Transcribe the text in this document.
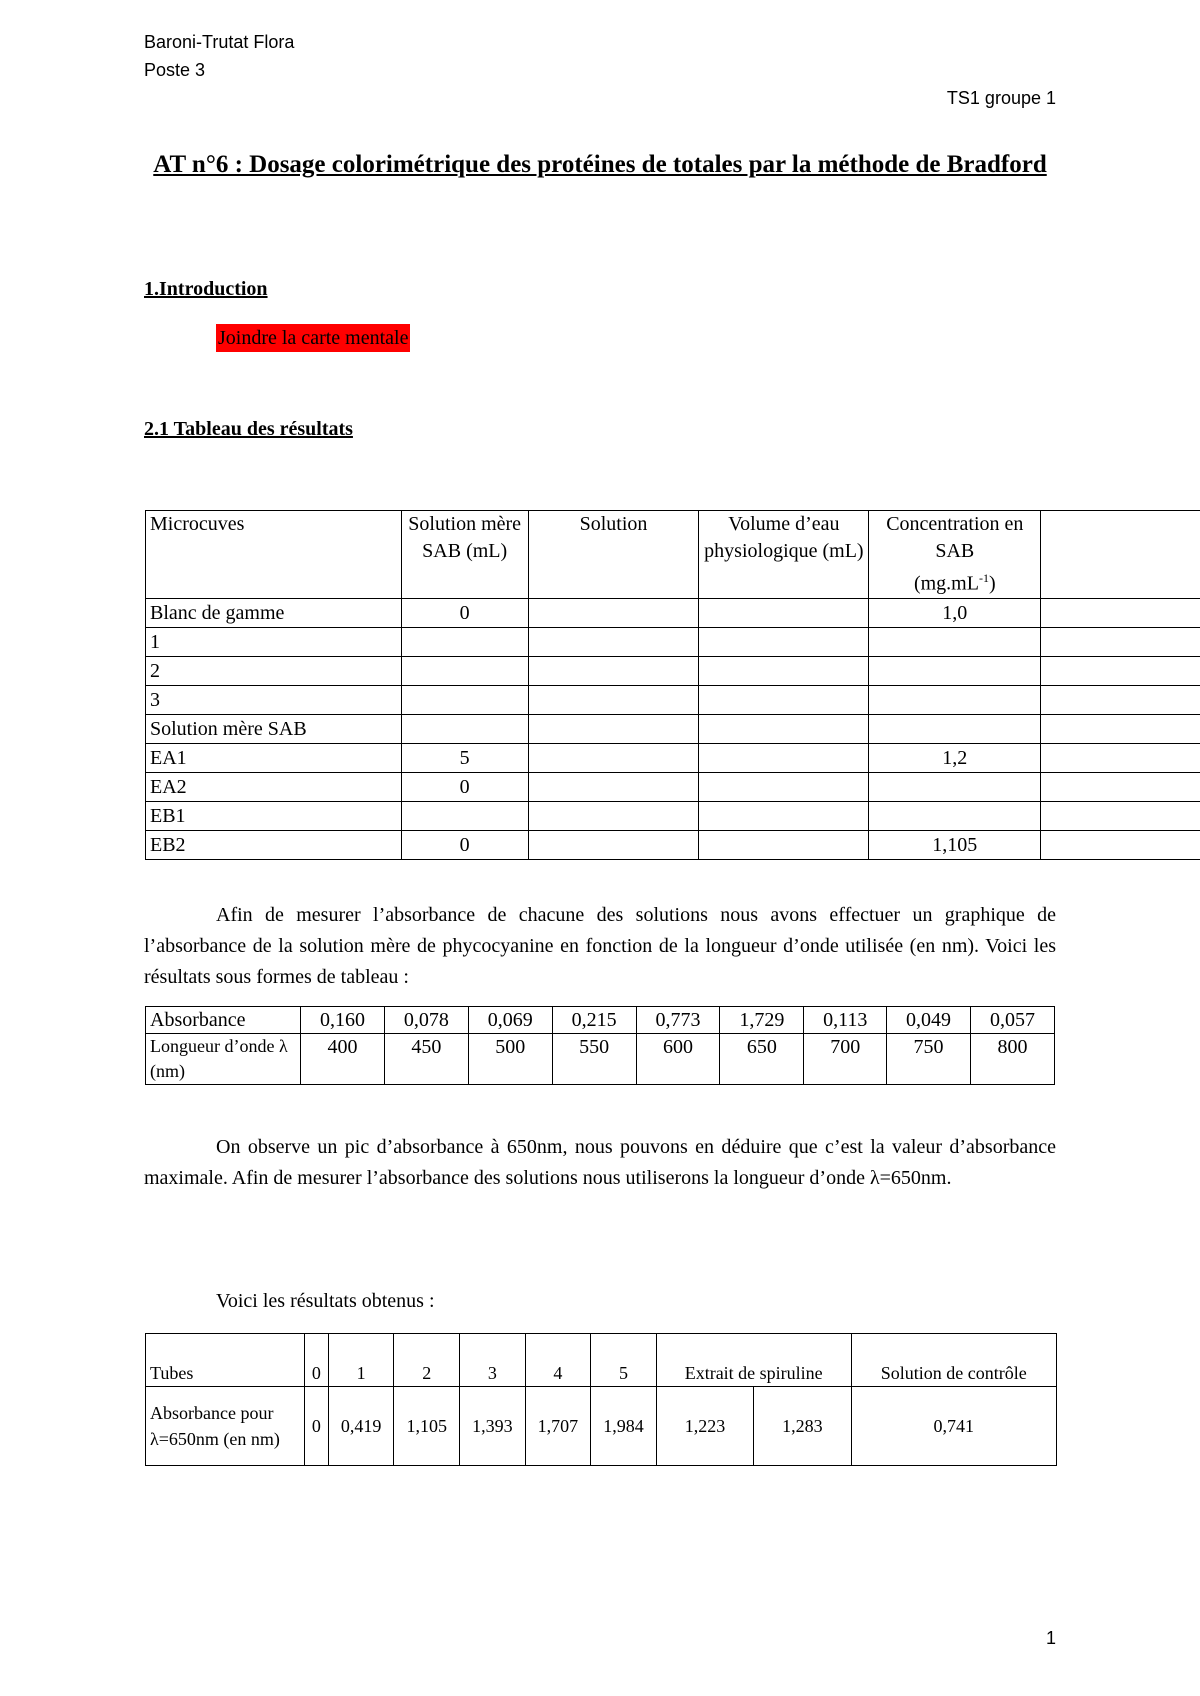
Baroni-Trutat Flora
Poste 3
TS1 groupe 1
AT n°6 : Dosage colorimétrique des protéines de totales par la méthode de Bradford
1.Introduction
Joindre la carte mentale
2.1 Tableau des résultats
Microcuves	Solution mère SAB (mL)	Solution	Volume d’eau physiologique (mL)	Concentration en SAB
$(mg.mL^{-1})$	
Blanc de gamme	0			1,0	
1					
2					
3					
Solution mère SAB					
EA1	5			1,2	
EA2	0				
EB1					
EB2	0			1,105	
Afin de mesurer l’absorbance de chacune des solutions nous avons effectuer un graphique de l’absorbance de la solution mère de phycocyanine en fonction de la longueur d’onde utilisée (en nm). Voici les résultats sous formes de tableau :
Absorbance	0,160	0,078	0,069	0,215	0,773	1,729	0,113	0,049	0,057
Longueur d’onde λ (nm)	400	450	500	550	600	650	700	750	800
On observe un pic d’absorbance à 650nm, nous pouvons en déduire que c’est la valeur d’absorbance maximale. Afin de mesurer l’absorbance des solutions nous utiliserons la longueur d’onde λ=650nm.
Voici les résultats obtenus :
Tubes	0	1	2	3	4	5	Extrait de spiruline		Solution de contrôle
Absorbance pour λ=650nm (en nm)	0	0,419	1,105	1,393	1,707	1,984	1,223	1,283	0,741
1
